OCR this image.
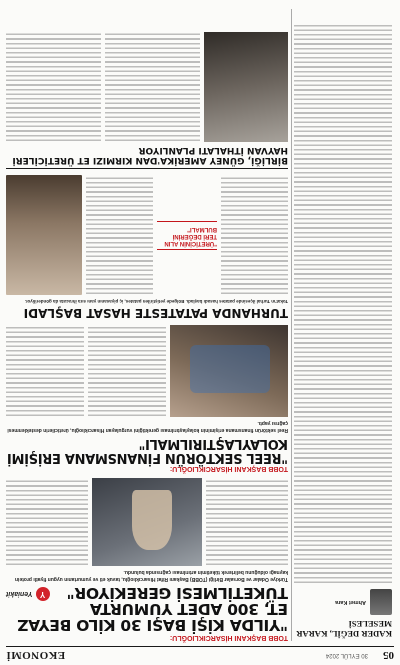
05
30 EYLÜL 2024
EKONOMİ
KADER DEĞİL, KARAR MESELESİ
Ahmet Kara
TOBB BAŞKANI HİSARCIKLIOĞLU:
"YILDA KİŞİ BAŞI 30 KİLO BEYAZ ET, 300 ADET YUMURTA TÜKETİLMESİ GEREKİYOR"
Türkiye Odalar ve Borsalar Birliği (TOBB) Başkanı Rifat Hisarcıklıoğlu, tavuk eti ve yumurtanın uygun fiyatlı protein kaynağı olduğunu belirterek tüketimin artırılması çağrısında bulundu.
Y
Yeniakit
TOBB BAŞKANI HİSARCIKLIOĞLU:
"REEL SEKTÖRÜN FİNANSMANA ERİŞİMİ KOLAYLAŞTIRILMALI"
Reel sektörün finansmana erişiminin kolaylaştırılması gerektiğini vurgulayan Hisarcıklıoğlu, üreticilerin desteklenmesi çağrısı yaptı.
TURHANDA PATATESTE HASAT BAŞLADI
Tokat'ın Turhal ilçesinde patates hasadı başladı. Bölgede yetiştirilen patates, iç piyasanın yanı sıra ihracata da gönderiliyor.
"ÜRETİCİNİN ALIN TERİ DEĞERİNİ BULMALI"
BİRLİĞİ, GÜNEY AMERİKA'DAN KIRMIZI ET ÜRETİCİLERİ HAYVAN İTHALATI PLANLIYOR
